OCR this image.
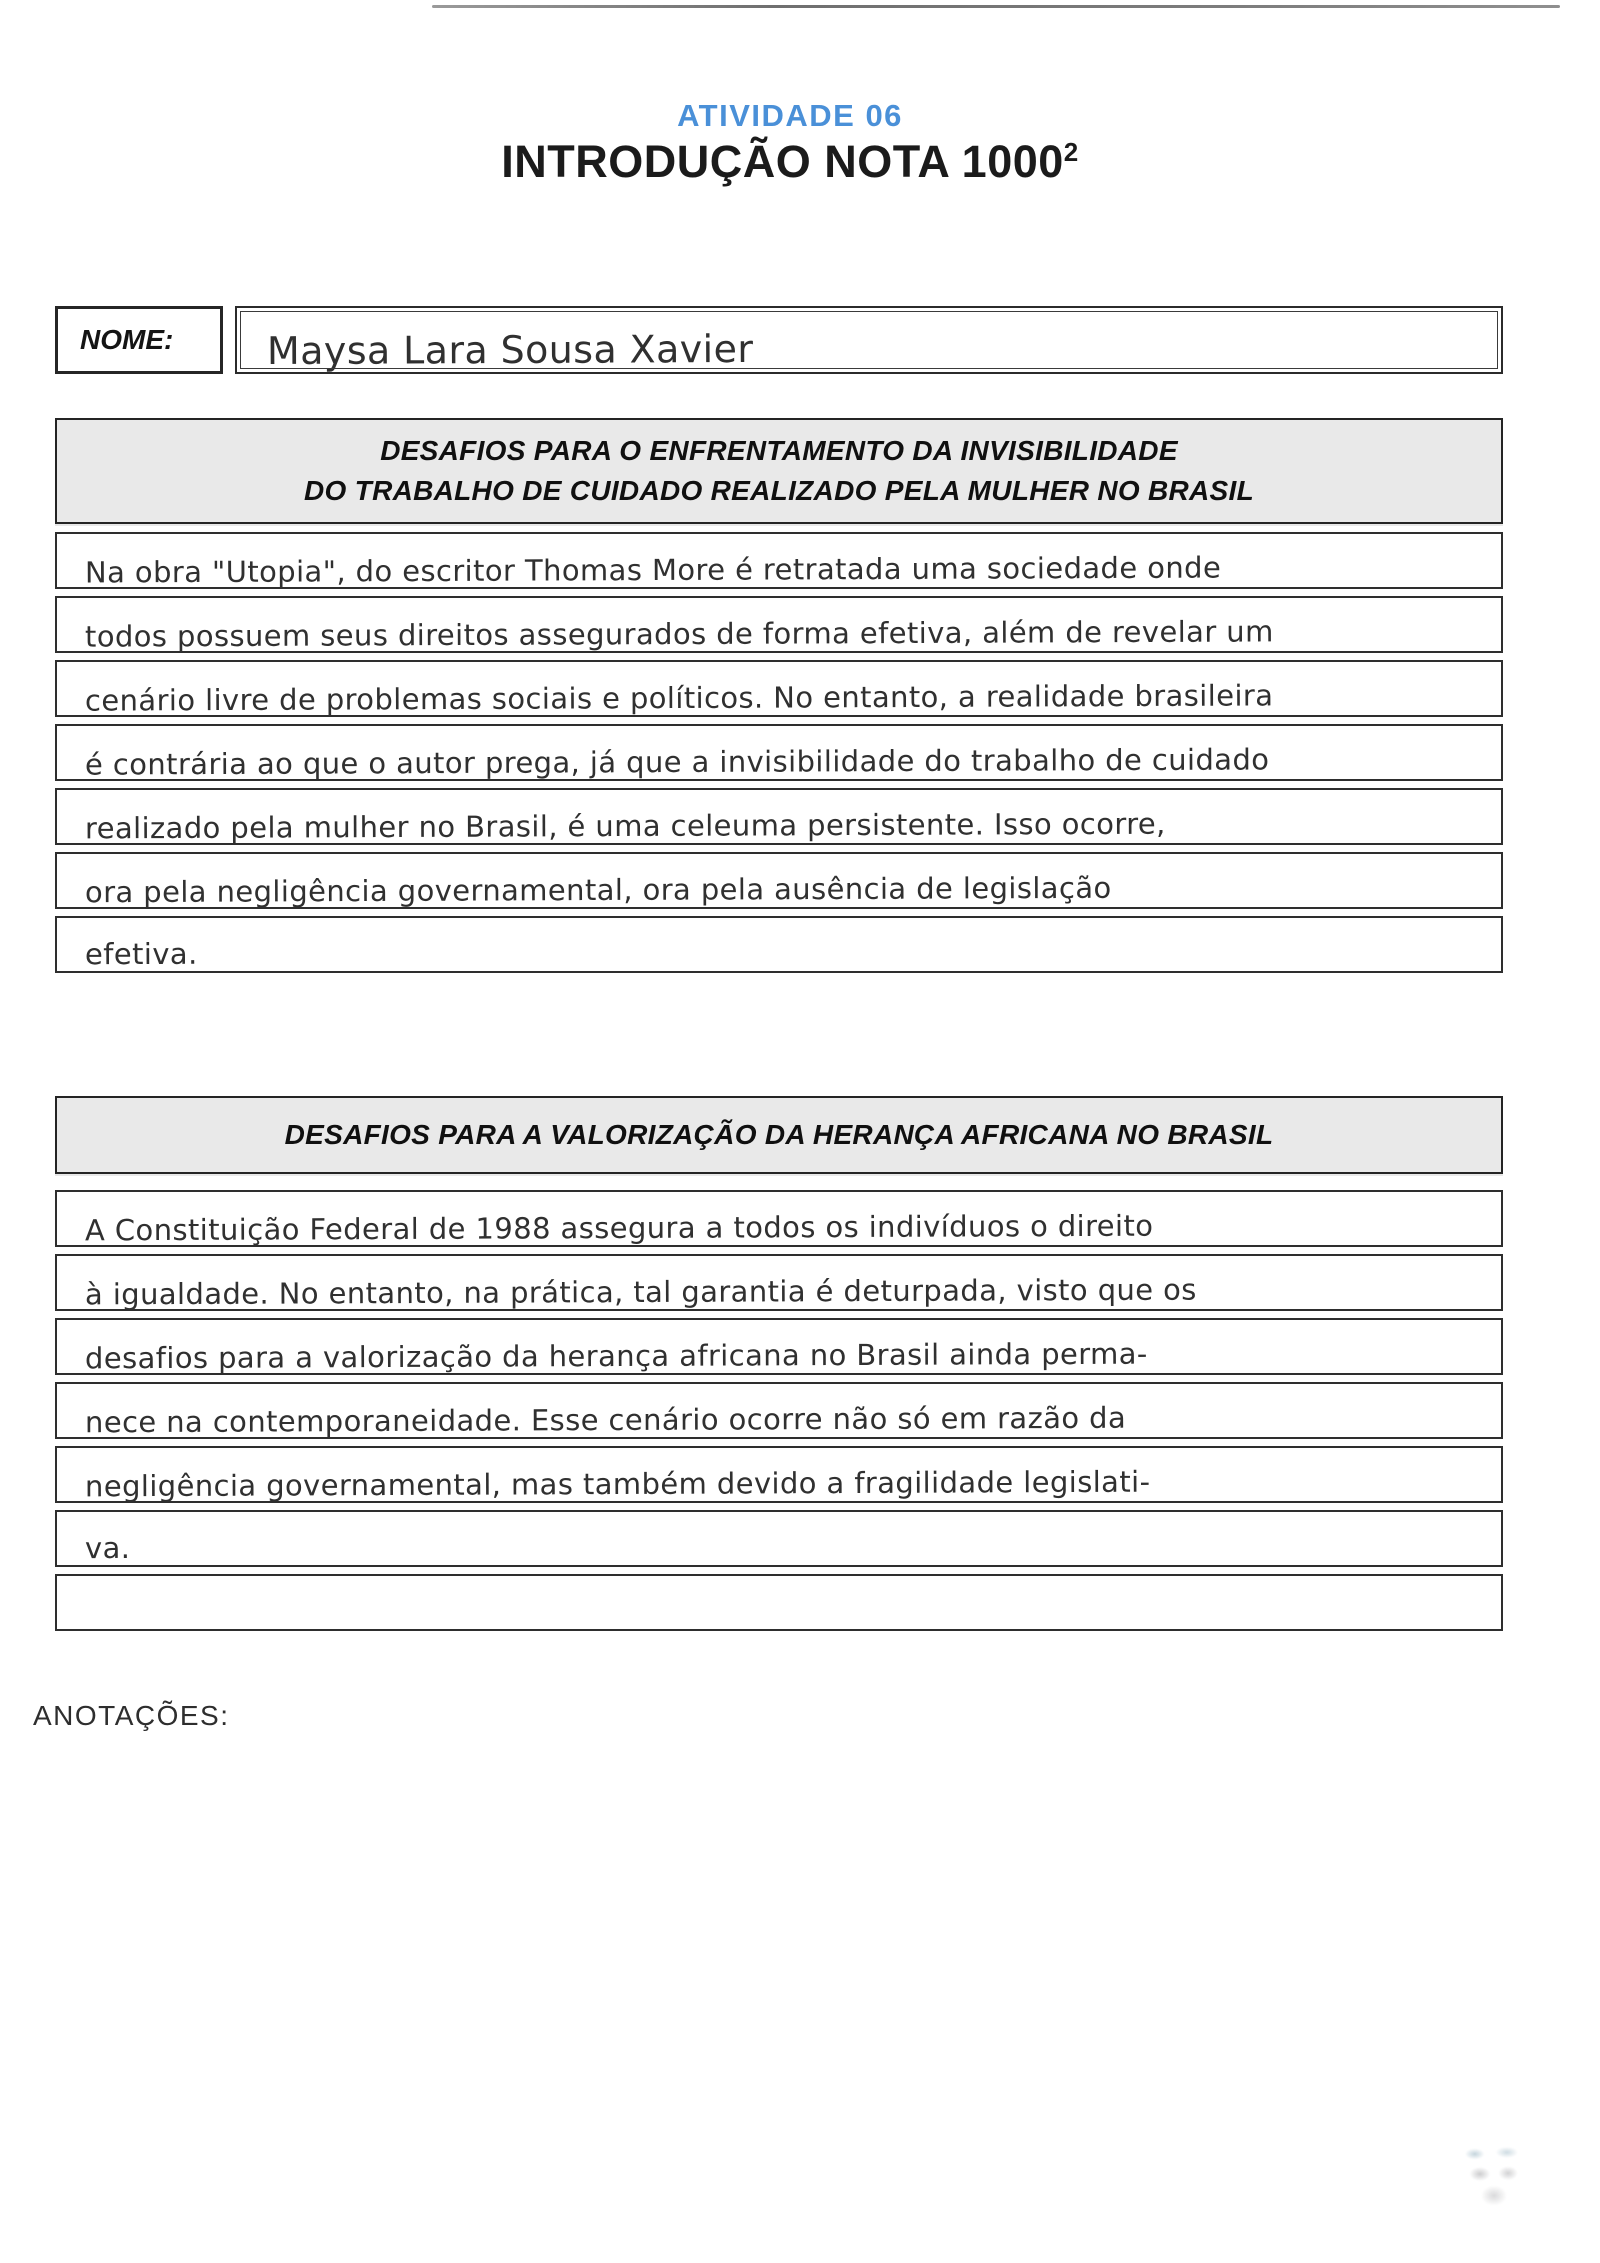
ATIVIDADE 06
INTRODUÇÃO NOTA 1000$^2$
NOME: Maysa Lara Sousa Xavier
DESAFIOS PARA O ENFRENTAMENTO DA INVISIBILIDADE
DO TRABALHO DE CUIDADO REALIZADO PELA MULHER NO BRASIL
Na obra "Utopia", do escritor Thomas More é retratada uma sociedade onde
todos possuem seus direitos assegurados de forma efetiva, além de revelar um
cenário livre de problemas sociais e políticos. No entanto, a realidade brasileira
é contrária ao que o autor prega, já que a invisibilidade do trabalho de cuidado
realizado pela mulher no Brasil, é uma celeuma persistente. Isso ocorre,
ora pela negligência governamental, ora pela ausência de legislação
efetiva.
DESAFIOS PARA A VALORIZAÇÃO DA HERANÇA AFRICANA NO BRASIL
A Constituição Federal de 1988 assegura a todos os indivíduos o direito
à igualdade. No entanto, na prática, tal garantia é deturpada, visto que os
desafios para a valorização da herança africana no Brasil ainda perma-
nece na contemporaneidade. Esse cenário ocorre não só em razão da
negligência governamental, mas também devido a fragilidade legislati-
va.
ANOTAÇÕES:
